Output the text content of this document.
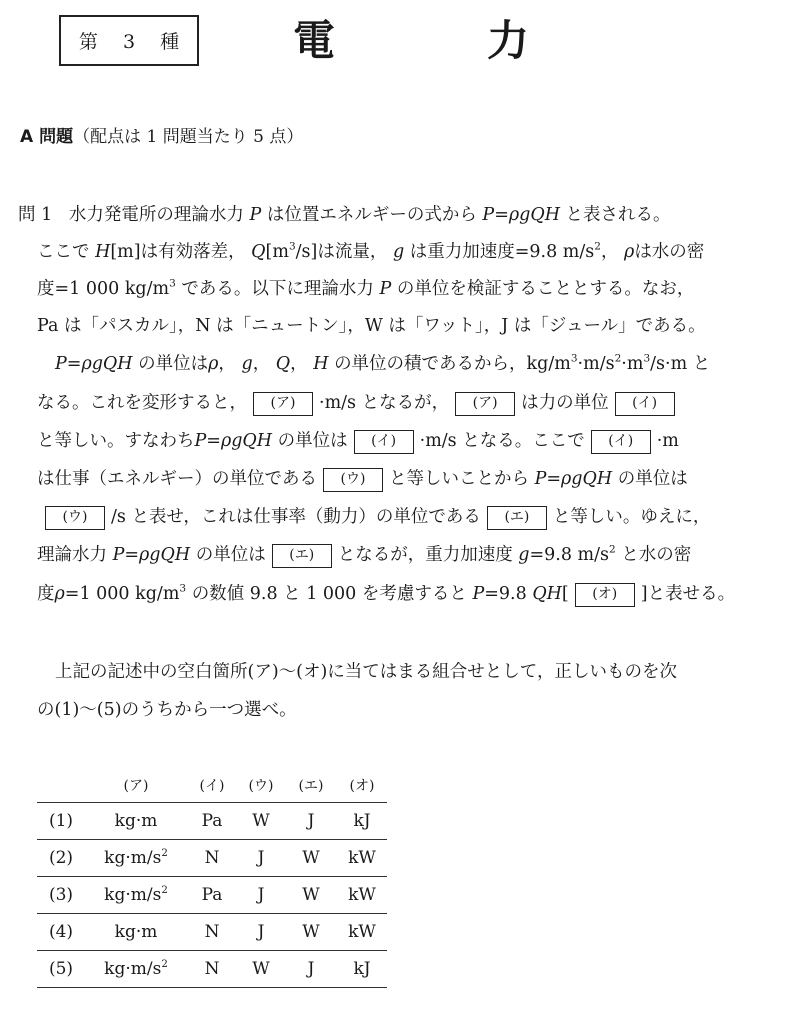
第 3 種 電	力
A 問題（配点は 1 問題当たり 5 点）
問 1 水力発電所の理論水力 P は位置エネルギーの式から P=ρgQH と表される。
ここで H[m]は有効落差， $Q[m^3/s]$は流量， g は重力加速度=9.8 $m/s^2$， ρは水の密
度=1 000 $kg/m^3$ である。以下に理論水力 P の単位を検証することとする。なお，
Pa は「パスカル」，N は「ニュートン」，W は「ワット」，J は「ジュール」である。
P=ρgQH の単位はρ， g， Q， H の単位の積であるから，$kg/m^3\cdot m/s^2\cdot m^3/s\cdot m$ と
なる。これを変形すると， (ア) ·m/s となるが， (ア) は力の単位 (イ)
と等しい。すなわちP=ρgQH の単位は (イ) ·m/s となる。ここで (イ) ·m
は仕事（エネルギー）の単位である (ウ) と等しいことから P=ρgQH の単位は
(ウ) /s と表せ，これは仕事率（動力）の単位である (エ) と等しい。ゆえに，
理論水力 P=ρgQH の単位は (エ) となるが，重力加速度 g=9.8 $m/s^2$ と水の密
度ρ=1 000 $kg/m^3$ の数値 9.8 と 1 000 を考慮すると P=9.8 QH[ (オ) ]と表せる。
上記の記述中の空白箇所(ア)〜(オ)に当てはまる組合せとして，正しいものを次
の(1)〜(5)のうちから一つ選べ。
	(ア)	(イ)	(ウ)	(エ)	(オ)
(1)	kg·m	Pa	W	J	kJ
(2)	$kg\cdot m/s^2$	N	J	W	kW
(3)	$kg\cdot m/s^2$	Pa	J	W	kW
(4)	kg·m	N	J	W	kW
(5)	$kg\cdot m/s^2$	N	W	J	kJ
